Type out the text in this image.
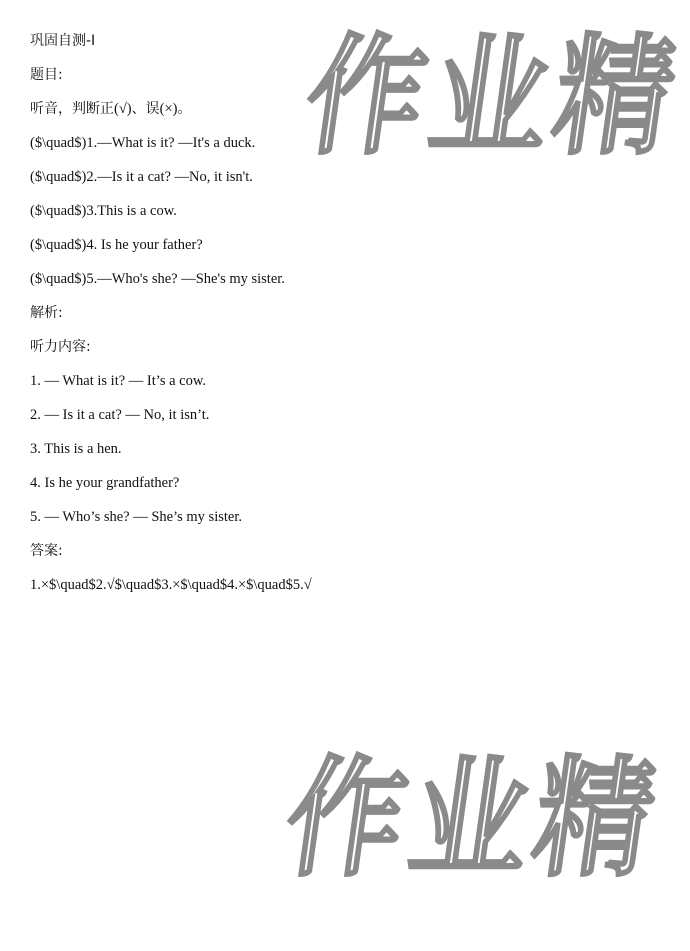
作业精
作业精
巩固自测-I
题目:
听音，判断正(√)、误(×)。
($\quad$)1.—What is it? —It's a duck.
($\quad$)2.—Is it a cat? —No, it isn't.
($\quad$)3.This is a cow.
($\quad$)4. Is he your father?
($\quad$)5.—Who's she? —She's my sister.
解析:
听力内容:
1. — What is it? — It’s a cow.
2. — Is it a cat? — No, it isn’t.
3. This is a hen.
4. Is he your grandfather?
5. — Who’s she? — She’s my sister.
答案:
1.×$\quad$2.√$\quad$3.×$\quad$4.×$\quad$5.√
